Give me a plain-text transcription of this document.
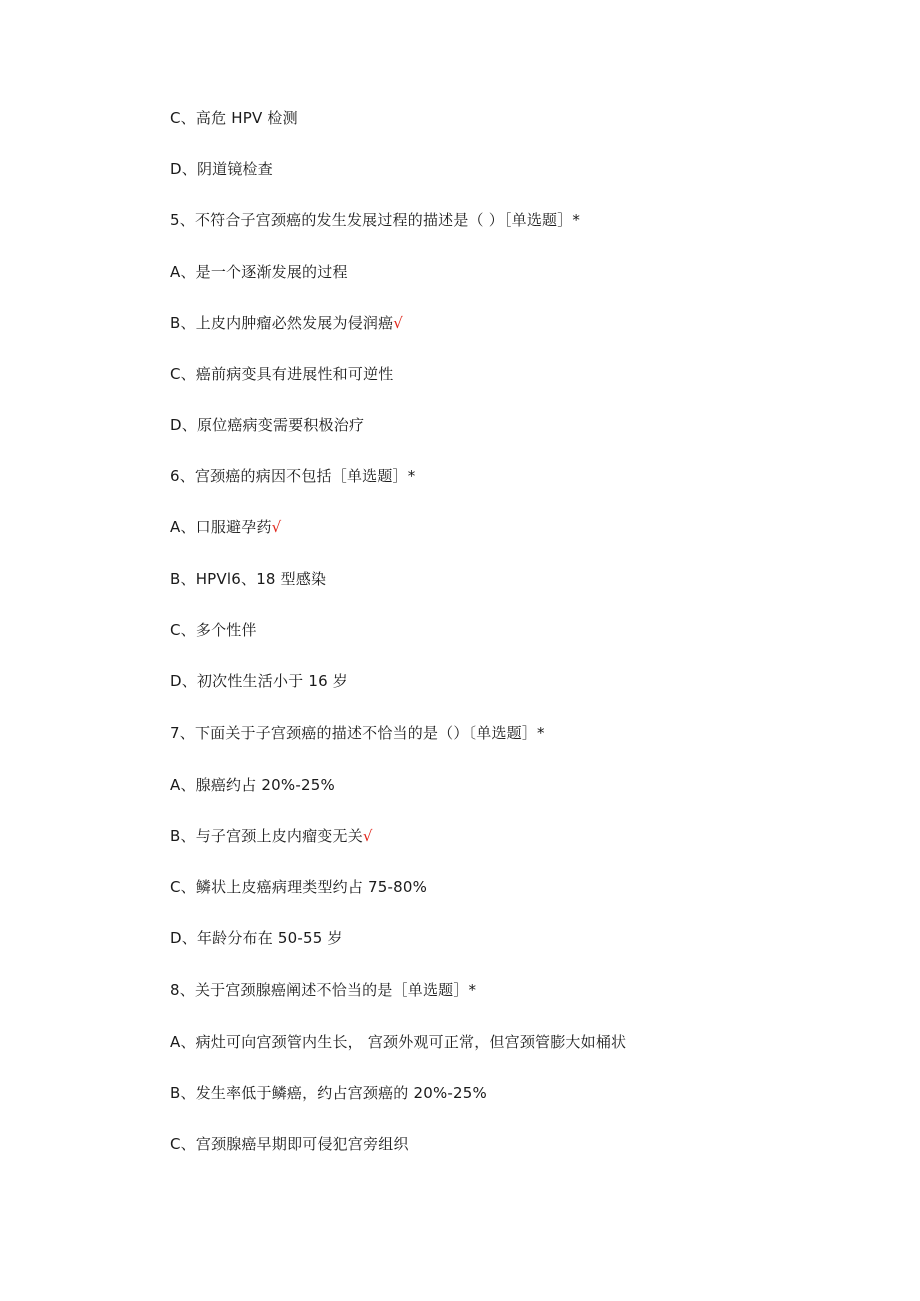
C、高危 HPV 检测
D、阴道镜检查
5、不符合子宫颈癌的发生发展过程的描述是（ ）［单选题］*
A、是一个逐渐发展的过程
B、上皮内肿瘤必然发展为侵润癌√
C、癌前病变具有进展性和可逆性
D、原位癌病变需要积极治疗
6、宫颈癌的病因不包括［单选题］*
A、口服避孕药√
B、HPVl6、18 型感染
C、多个性伴
D、初次性生活小于 16 岁
7、下面关于子宫颈癌的描述不恰当的是（）〔单选题］*
A、腺癌约占 20%-25%
B、与子宫颈上皮内瘤变无关√
C、鳞状上皮癌病理类型约占 75-80%
D、年龄分布在 50-55 岁
8、关于宫颈腺癌阐述不恰当的是［单选题］*
A、病灶可向宫颈管内生长， 宫颈外观可正常，但宫颈管膨大如桶状
B、发生率低于鳞癌，约占宫颈癌的 20%-25%
C、宫颈腺癌早期即可侵犯宫旁组织
